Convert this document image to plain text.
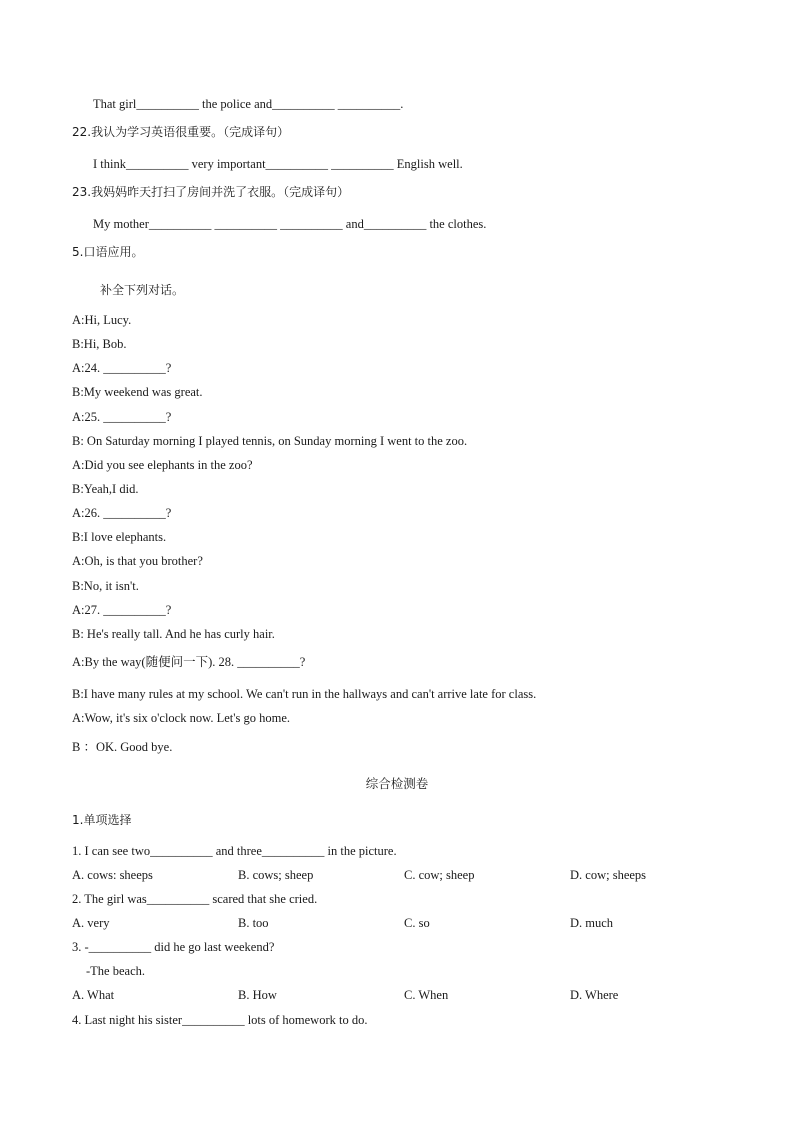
That girl__________ the police and__________ __________.
22.我认为学习英语很重要。（完成译句）
I think__________ very important__________ __________ English well.
23.我妈妈昨天打扫了房间并洗了衣服。（完成译句）
My mother__________ __________ __________ and__________ the clothes.
5.口语应用。
补全下列对话。
A:Hi, Lucy.
B:Hi, Bob.
A:24. __________?
B:My weekend was great.
A:25. __________?
B: On Saturday morning I played tennis, on Sunday morning I went to the zoo.
A:Did you see elephants in the zoo?
B:Yeah,I did.
A:26. __________?
B:I love elephants.
A:Oh, is that you brother?
B:No, it isn't.
A:27. __________?
B: He's really tall. And he has curly hair.
A:By the way(随便问一下). 28. __________?
B:I have many rules at my school. We can't run in the hallways and can't arrive late for class.
A:Wow, it's six o'clock now. Let's go home.
B ：OK. Good bye.
综合检测卷
1.单项选择
1. I can see two__________ and three__________ in the picture.
A. cows: sheeps	B. cows; sheep	C. cow; sheep	D. cow; sheeps
2. The girl was__________ scared that she cried.
A. very	B. too	C. so	D. much
3. -__________ did he go last weekend?
-The beach.
A. What	B. How	C. When	D. Where
4. Last night his sister__________ lots of homework to do.
